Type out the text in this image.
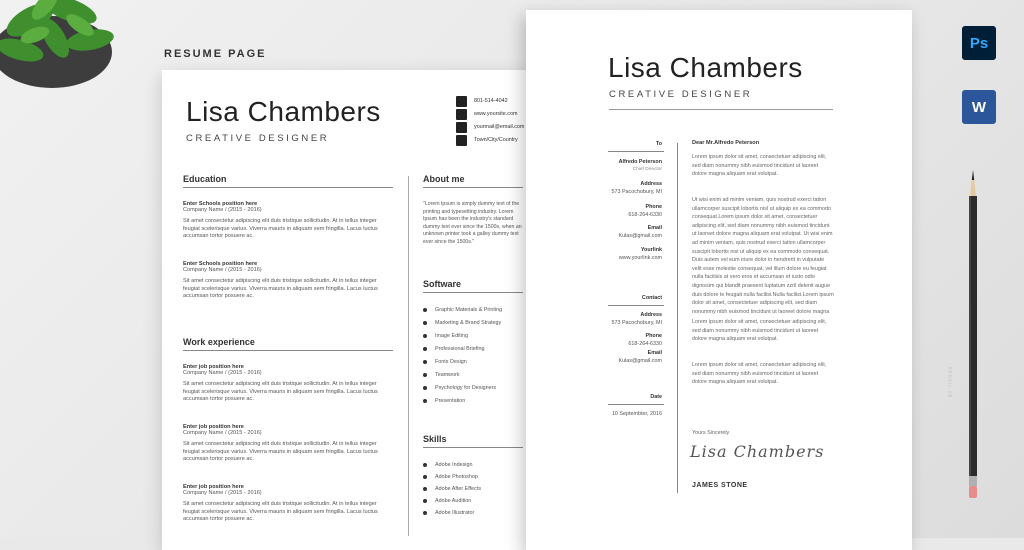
RESUME PAGE
Lisa Chambers
CREATIVE DESIGNER
801-514-4042
www.yoursite.com
yourmail@email.com
Town/City/Country
Education
Enter Schools position here
Company Name / (2015 - 2016)
Sit amet consectetur adipiscing elit duis tristique sollicitudin. At in tellus integer feugiat scelerisque varius. Viverra mauris in aliquam sem fringilla. Lacus luctus accumsan tortor posuere ac.
Enter Schools position here
Company Name / (2015 - 2016)
Sit amet consectetur adipiscing elit duis tristique sollicitudin. At in tellus integer feugiat scelerisque varius. Viverra mauris in aliquam sem fringilla. Lacus luctus accumsan tortor posuere ac.
Work experience
Enter job position here
Company Name / (2015 - 2016)
Sit amet consectetur adipiscing elit duis tristique sollicitudin. At in tellus integer feugiat scelerisque varius. Viverra mauris in aliquam sem fringilla. Lacus luctus accumsan tortor posuere ac.
Enter job position here
Company Name / (2015 - 2016)
Sit amet consectetur adipiscing elit duis tristique sollicitudin. At in tellus integer feugiat scelerisque varius. Viverra mauris in aliquam sem fringilla. Lacus luctus accumsan tortor posuere ac.
Enter job position here
Company Name / (2015 - 2016)
Sit amet consectetur adipiscing elit duis tristique sollicitudin. At in tellus integer feugiat scelerisque varius. Viverra mauris in aliquam sem fringilla. Lacus luctus accumsan tortor posuere ac.
About me
"Lorem Ipsum is simply dummy text of the printing and typesetting industry. Lorem Ipsum has been the industry's standard dummy text ever since the 1500s, when an unknown printer took a galley dummy text ever since the 1500s."
Software
Graphic Materials & Printing
Marketing & Brand Strategy
Image Editing
Professional Briefing
Fonts Design
Teamwork
Psychology for Designers
Presentation
Skills
Adobe Indesign
Adobe Photoshop
Adobe After Effects
Adobe Audition
Adobe Illustrator
Lisa Chambers
CREATIVE DESIGNER
To
Alfredo Peterson
Chief Director
Address
573 Pacochobury, MI
Phone
618-264-6330
Email
Kulas@gmail.com
Yourlink
www.yourlink.com
Contact
Address
573 Pacochobury, MI
Phone
618-264-6330
Email
Kulas@gmail.com
Date
10 Septembter, 2016
Dear Mr.Alfredo Peterson
Lorem ipsum dolor sit amet, consectetuer adipiscing elit, sed diam nonummy nibh euismod tincidunt ut laoreet dolore magna aliquam erat volutpat.
Ut wisi enim ad minim veniam, quis nostrud exerci tation ullamcorper suscipit lobortis nisl ut aliquip ex ea commodo consequat.Lorem ipsum dolor sit amet, consectetuer adipiscing elit, sed diam nonummy nibh euismod tincidunt ut laoreet dolore magna aliquam erat volutpat. Ut wisi enim ad minim veniam, quis nostrud exerci tation ullamcorper suscipit lobortis nisl ut aliquip ex ea commodo consequat. Duis autem vel eum iriure dolor in hendrerit in vulputate velit esse molestie consequat, vel illum dolore eu feugiat nulla facilisis at vero eros et accumsan et iusto odio dignissim qui blandit praesent luptatum zzril delenit augue duis dolore te feugait nulla facilisi.Nulla facilisi.Lorem ipsum dolor sit amet, consectetuer adipiscing elit, sed diam nonummy nibh euismod tincidunt ut laoreet dolore magna
Lorem ipsum dolor sit amet, consectetuer adipiscing elit, sed diam nonummy nibh euismod tincidunt ut laoreet dolore magna aliquam erat volutpat.
Lorem ipsum dolor sit amet, consectetuer adipiscing elit, sed diam nonummy nibh euismod tincidunt ut laoreet dolore magna aliquam erat volutpat.
Yours Sincerely
Lisa Chambers
JAMES STONE
Ps
W
PENCIL 2B
